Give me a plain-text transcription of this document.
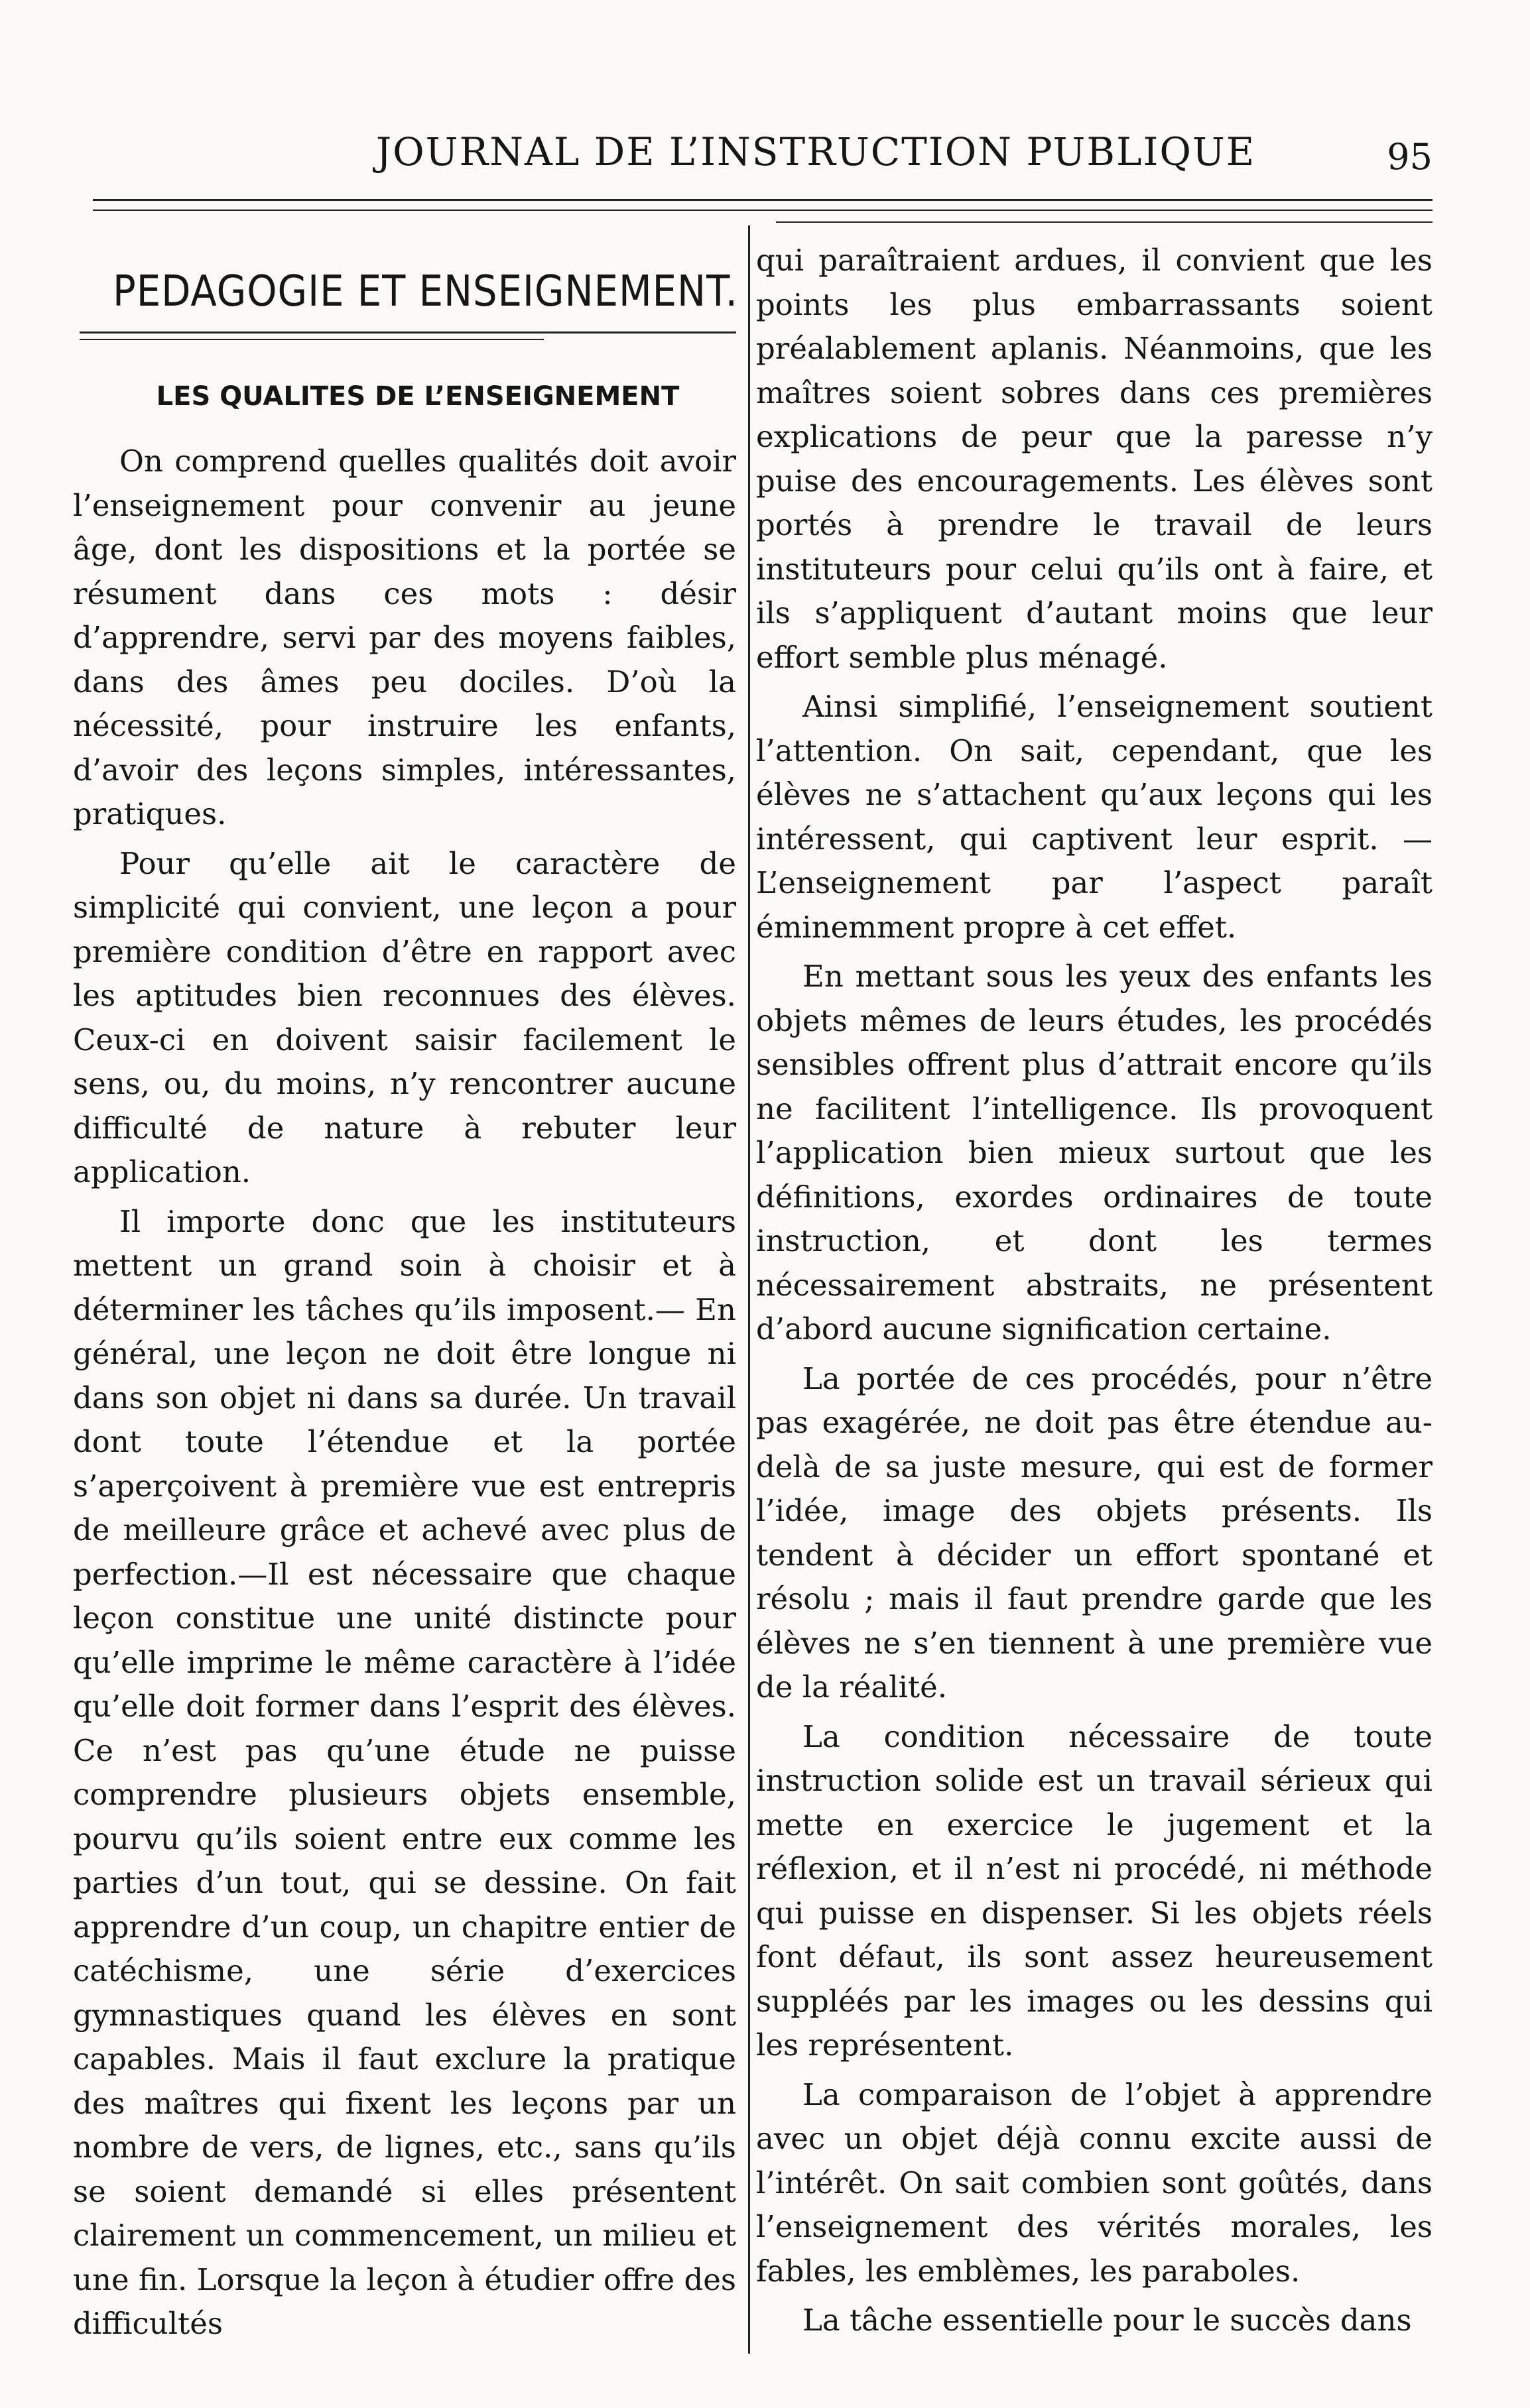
JOURNAL DE L’INSTRUCTION PUBLIQUE	95
PEDAGOGIE ET ENSEIGNEMENT.
LES QUALITES DE L’ENSEIGNEMENT

On comprend quelles qualités doit avoir l’enseignement pour convenir au jeune âge, dont les dispositions et la portée se résument dans ces mots : désir d’apprendre, servi par des moyens faibles, dans des âmes peu dociles. D’où la nécessité, pour instruire les enfants, d’avoir des leçons simples, intéressantes, pratiques.

Pour qu’elle ait le caractère de simplicité qui convient, une leçon a pour première condition d’être en rapport avec les aptitudes bien reconnues des élèves. Ceux-ci en doivent saisir facilement le sens, ou, du moins, n’y rencontrer aucune difficulté de nature à rebuter leur application.

Il importe donc que les instituteurs mettent un grand soin à choisir et à déterminer les tâches qu’ils imposent.— En général, une leçon ne doit être longue ni dans son objet ni dans sa durée. Un travail dont toute l’étendue et la portée s’aperçoivent à première vue est entrepris de meilleure grâce et achevé avec plus de perfection.—Il est nécessaire que chaque leçon constitue une unité distincte pour qu’elle imprime le même caractère à l’idée qu’elle doit former dans l’esprit des élèves. Ce n’est pas qu’une étude ne puisse comprendre plusieurs objets ensemble, pourvu qu’ils soient entre eux comme les parties d’un tout, qui se dessine. On fait apprendre d’un coup, un chapitre entier de catéchisme, une série d’exercices gymnastiques quand les élèves en sont capables. Mais il faut exclure la pratique des maîtres qui fixent les leçons par un nombre de vers, de lignes, etc., sans qu’ils se soient demandé si elles présentent clairement un commencement, un milieu et une fin. Lorsque la leçon à étudier offre des difficultés

qui paraîtraient ardues, il convient que les points les plus embarrassants soient préalablement aplanis. Néanmoins, que les maîtres soient sobres dans ces premières explications de peur que la paresse n’y puise des encouragements. Les élèves sont portés à prendre le travail de leurs instituteurs pour celui qu’ils ont à faire, et ils s’appliquent d’autant moins que leur effort semble plus ménagé.

Ainsi simplifié, l’enseignement soutient l’attention. On sait, cependant, que les élèves ne s’attachent qu’aux leçons qui les intéressent, qui captivent leur esprit. — L’enseignement par l’aspect paraît éminemment propre à cet effet.

En mettant sous les yeux des enfants les objets mêmes de leurs études, les procédés sensibles offrent plus d’attrait encore qu’ils ne facilitent l’intelligence. Ils provoquent l’application bien mieux surtout que les définitions, exordes ordinaires de toute instruction, et dont les termes nécessairement abstraits, ne présentent d’abord aucune signification certaine.

La portée de ces procédés, pour n’être pas exagérée, ne doit pas être étendue au-delà de sa juste mesure, qui est de former l’idée, image des objets présents. Ils tendent à décider un effort spontané et résolu ; mais il faut prendre garde que les élèves ne s’en tiennent à une première vue de la réalité.

La condition nécessaire de toute instruction solide est un travail sérieux qui mette en exercice le jugement et la réflexion, et il n’est ni procédé, ni méthode qui puisse en dispenser. Si les objets réels font défaut, ils sont assez heureusement suppléés par les images ou les dessins qui les représentent.

La comparaison de l’objet à apprendre avec un objet déjà connu excite aussi de l’intérêt. On sait combien sont goûtés, dans l’enseignement des vérités morales, les fables, les emblèmes, les paraboles.

La tâche essentielle pour le succès dans
